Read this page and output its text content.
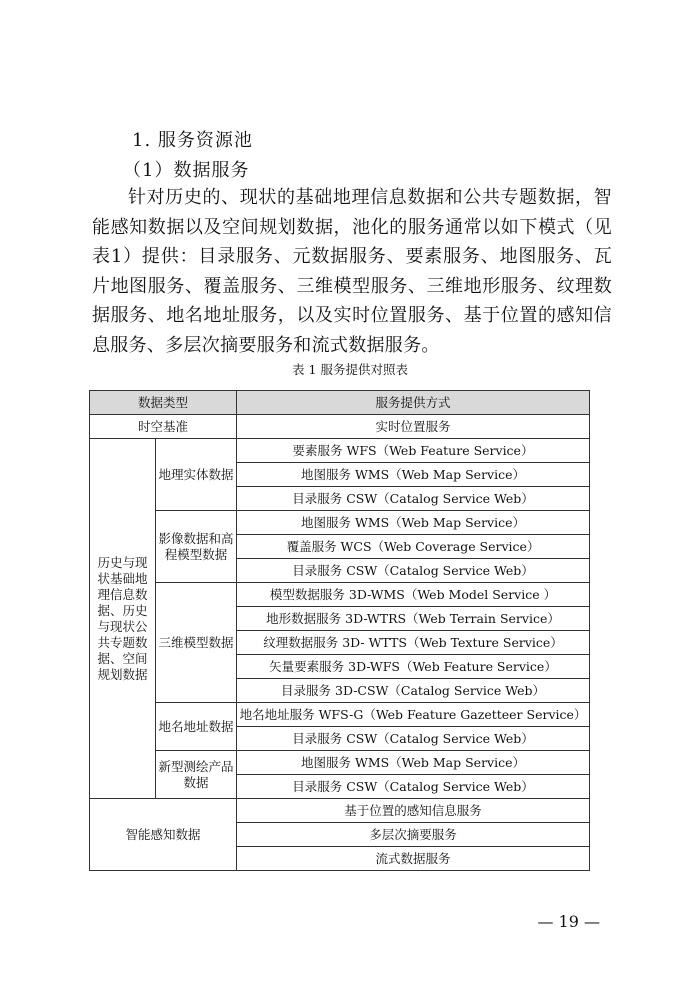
1. 服务资源池
（1）数据服务

针对历史的、现状的基础地理信息数据和公共专题数据，智能感知数据以及空间规划数据，池化的服务通常以如下模式（见表1）提供：目录服务、元数据服务、要素服务、地图服务、瓦片地图服务、覆盖服务、三维模型服务、三维地形服务、纹理数据服务、地名地址服务，以及实时位置服务、基于位置的感知信息服务、多层次摘要服务和流式数据服务。

表 1 服务提供对照表
数据类型		服务提供方式
时空基准		实时位置服务
历史与现状基础地理信息数据、历史与现状公共专题数据、空间规划数据	地理实体数据	要素服务 WFS（Web Feature Service）
		地图服务 WMS（Web Map Service）
		目录服务 CSW（Catalog Service Web）
	影像数据和高程模型数据	地图服务 WMS（Web Map Service）
		覆盖服务 WCS（Web Coverage Service）
		目录服务 CSW（Catalog Service Web）
	三维模型数据	模型数据服务 3D-WMS（Web Model Service ）
		地形数据服务 3D-WTRS（Web Terrain Service）
		纹理数据服务 3D- WTTS（Web Texture Service）
		矢量要素服务 3D-WFS（Web Feature Service）
		目录服务 3D-CSW（Catalog Service Web）
	地名地址数据	地名地址服务 WFS-G（Web Feature Gazetteer Service）
		目录服务 CSW（Catalog Service Web）
	新型测绘产品数据	地图服务 WMS（Web Map Service）
		目录服务 CSW（Catalog Service Web）
智能感知数据		基于位置的感知信息服务
		多层次摘要服务
		流式数据服务
— 19 —
